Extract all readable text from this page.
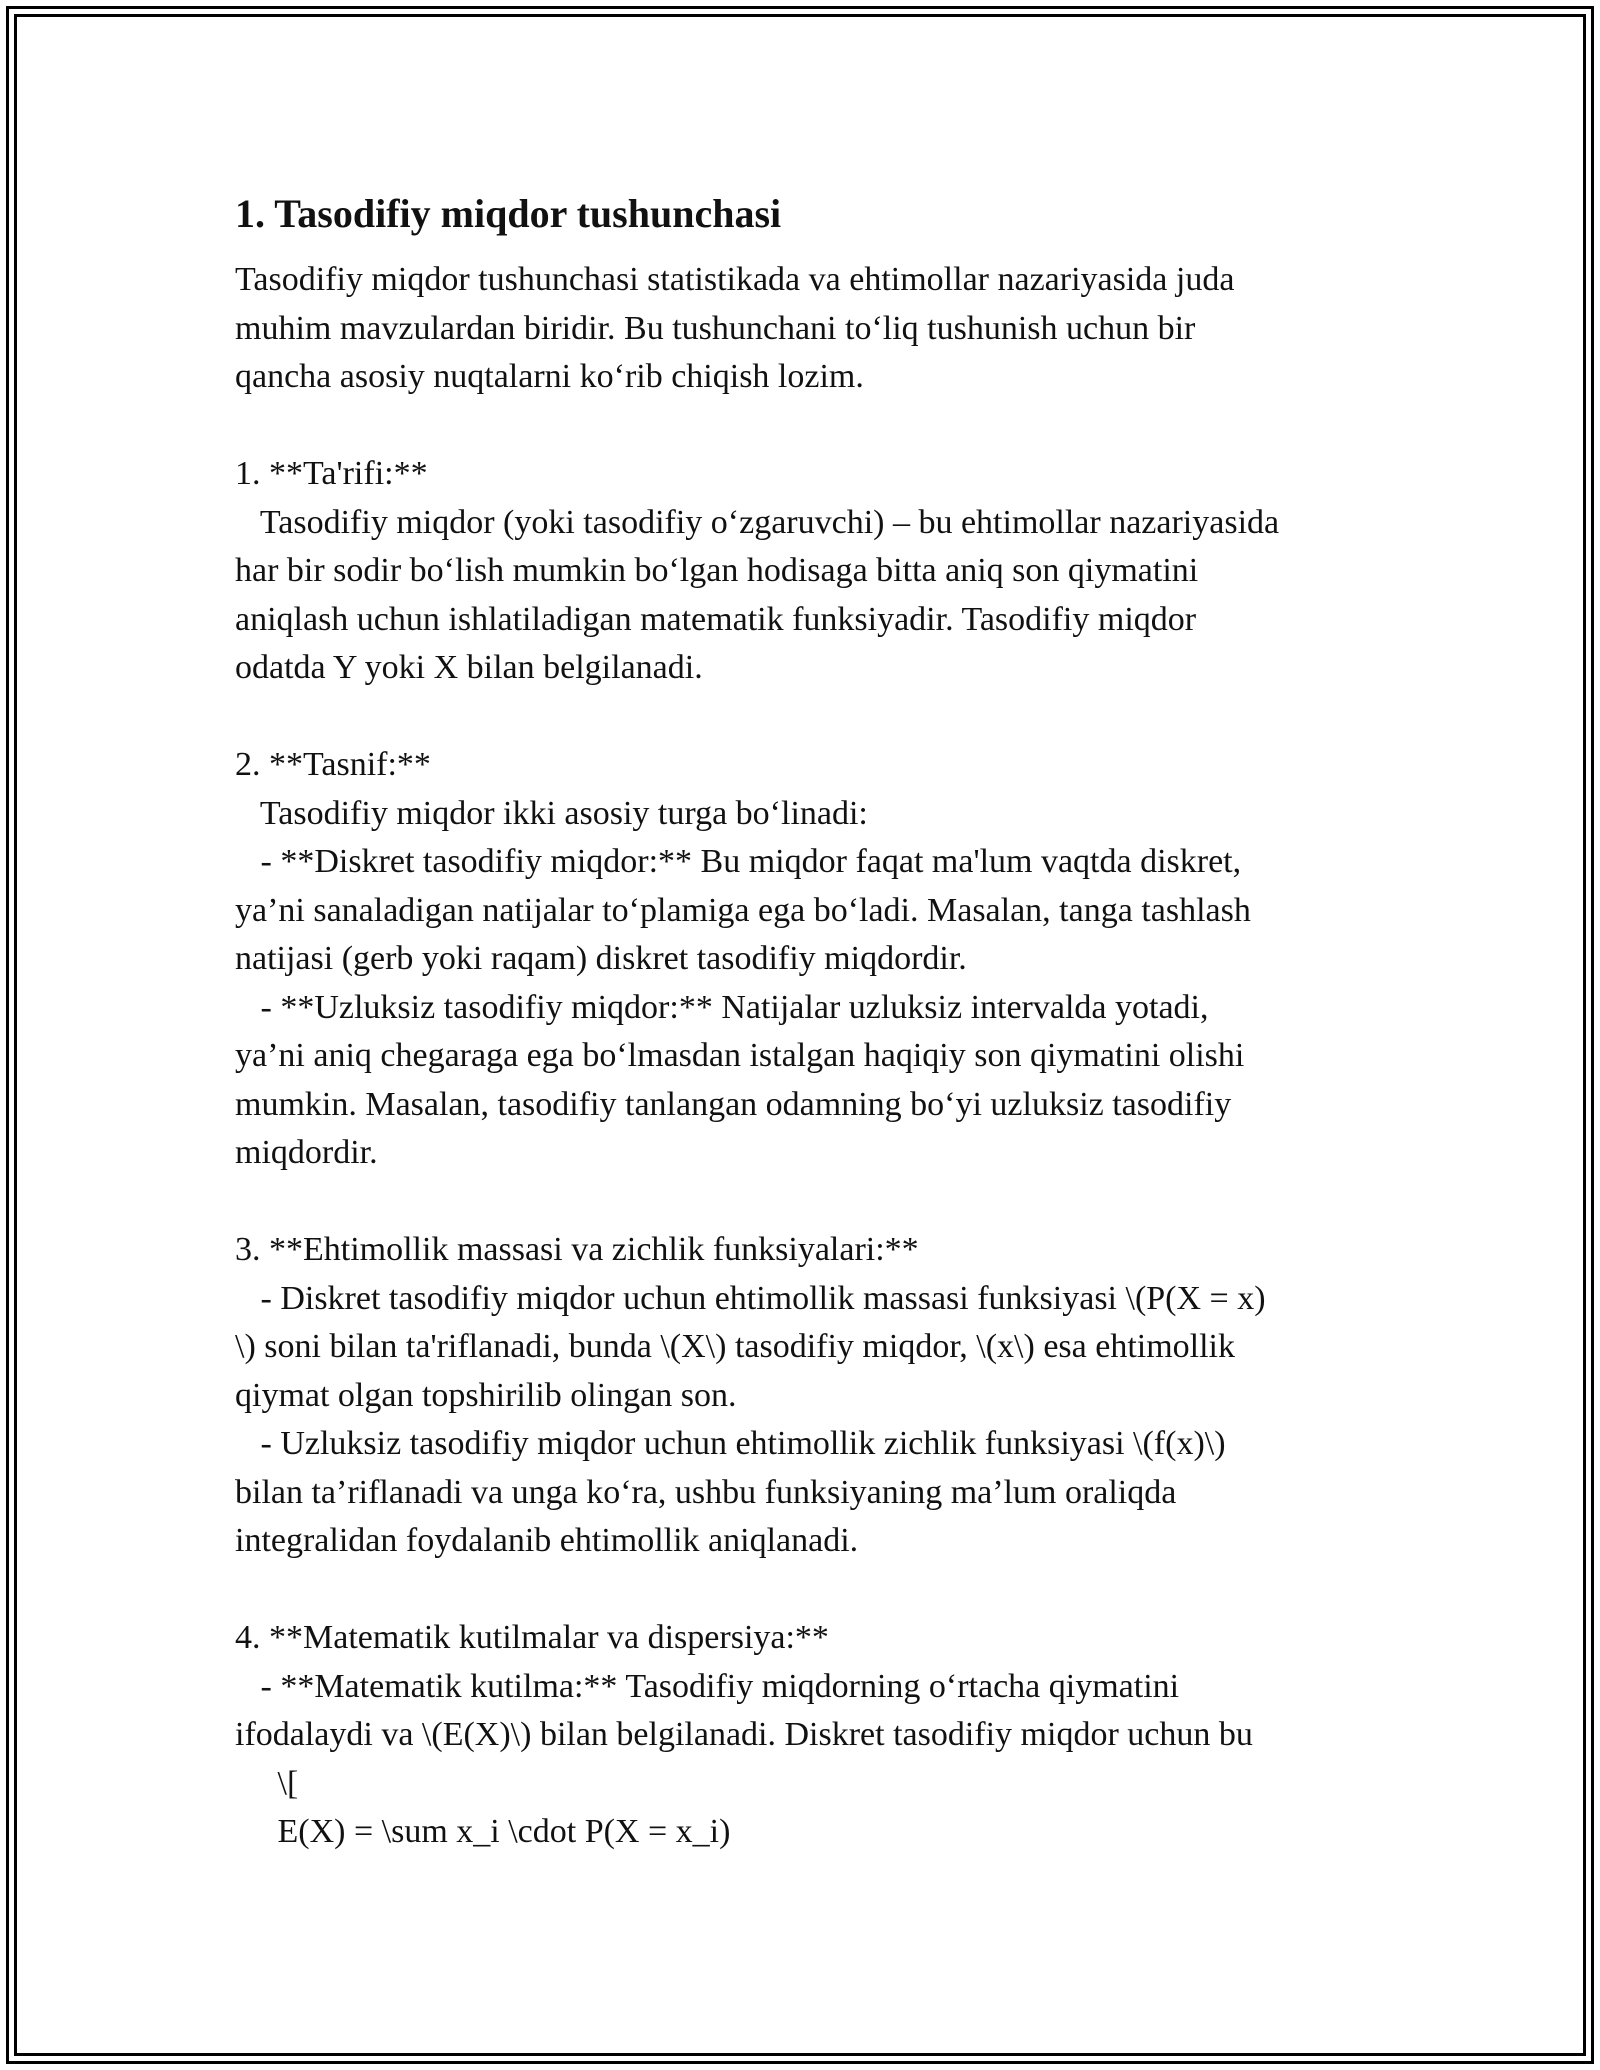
1. Tasodifiy miqdor tushunchasi
Tasodifiy miqdor tushunchasi statistikada va ehtimollar nazariyasida juda
muhim mavzulardan biridir. Bu tushunchani to‘liq tushunish uchun bir
qancha asosiy nuqtalarni ko‘rib chiqish lozim.
1. **Ta'rifi:**
Tasodifiy miqdor (yoki tasodifiy o‘zgaruvchi) – bu ehtimollar nazariyasida
har bir sodir bo‘lish mumkin bo‘lgan hodisaga bitta aniq son qiymatini
aniqlash uchun ishlatiladigan matematik funksiyadir. Tasodifiy miqdor
odatda Y yoki X bilan belgilanadi.
2. **Tasnif:**
Tasodifiy miqdor ikki asosiy turga bo‘linadi:
- **Diskret tasodifiy miqdor:** Bu miqdor faqat ma'lum vaqtda diskret,
ya’ni sanaladigan natijalar to‘plamiga ega bo‘ladi. Masalan, tanga tashlash
natijasi (gerb yoki raqam) diskret tasodifiy miqdordir.
- **Uzluksiz tasodifiy miqdor:** Natijalar uzluksiz intervalda yotadi,
ya’ni aniq chegaraga ega bo‘lmasdan istalgan haqiqiy son qiymatini olishi
mumkin. Masalan, tasodifiy tanlangan odamning bo‘yi uzluksiz tasodifiy
miqdordir.
3. **Ehtimollik massasi va zichlik funksiyalari:**
- Diskret tasodifiy miqdor uchun ehtimollik massasi funksiyasi \(P(X = x)
\) soni bilan ta'riflanadi, bunda \(X\) tasodifiy miqdor, \(x\) esa ehtimollik
qiymat olgan topshirilib olingan son.
- Uzluksiz tasodifiy miqdor uchun ehtimollik zichlik funksiyasi \(f(x)\)
bilan ta’riflanadi va unga ko‘ra, ushbu funksiyaning ma’lum oraliqda
integralidan foydalanib ehtimollik aniqlanadi.
4. **Matematik kutilmalar va dispersiya:**
- **Matematik kutilma:** Tasodifiy miqdorning o‘rtacha qiymatini
ifodalaydi va \(E(X)\) bilan belgilanadi. Diskret tasodifiy miqdor uchun bu
\[
E(X) = \sum x_i \cdot P(X = x_i)
